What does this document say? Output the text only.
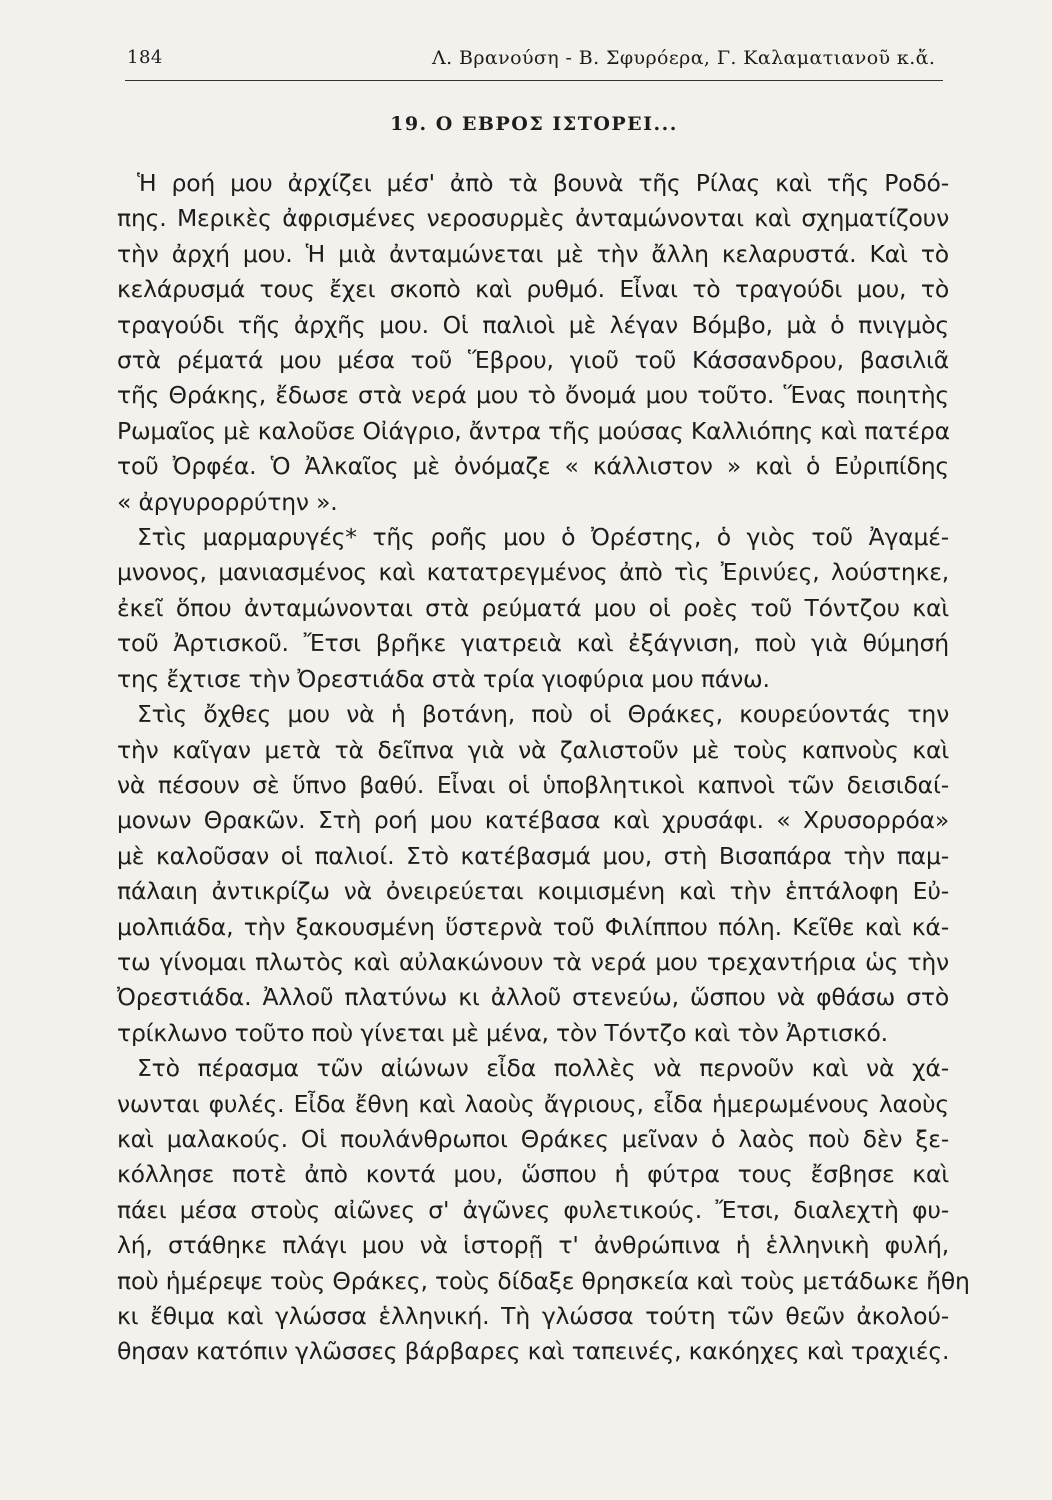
184	Λ. Βρανούση - Β. Σφυρόερα, Γ. Καλαματιανοῦ κ.ἄ.
19. Ο ΕΒΡΟΣ ΙΣΤΟΡΕΙ...
Ἡ ροή μου ἀρχίζει μέσ' ἀπὸ τὰ βουνὰ τῆς Ρίλας καὶ τῆς Ροδό-
πης. Μερικὲς ἀφρισμένες νεροσυρμὲς ἀνταμώνονται καὶ σχηματίζουν
τὴν ἀρχή μου. Ἡ μιὰ ἀνταμώνεται μὲ τὴν ἄλλη κελαρυστά. Καὶ τὸ
κελάρυσμά τους ἔχει σκοπὸ καὶ ρυθμό. Εἶναι τὸ τραγούδι μου, τὸ
τραγούδι τῆς ἀρχῆς μου. Οἱ παλιοὶ μὲ λέγαν Βόμβο, μὰ ὁ πνιγμὸς
στὰ ρέματά μου μέσα τοῦ Ἕβρου, γιοῦ τοῦ Κάσσανδρου, βασιλιᾶ
τῆς Θράκης, ἔδωσε στὰ νερά μου τὸ ὄνομά μου τοῦτο. Ἕνας ποιητὴς
Ρωμαῖος μὲ καλοῦσε Οἰάγριο, ἄντρα τῆς μούσας Καλλιόπης καὶ πατέρα
τοῦ Ὀρφέα. Ὁ Ἀλκαῖος μὲ ὀνόμαζε « κάλλιστον » καὶ ὁ Εὐριπίδης
« ἀργυρορρύτην ».
Στὶς μαρμαρυγές* τῆς ροῆς μου ὁ Ὀρέστης, ὁ γιὸς τοῦ Ἀγαμέ-
μνονος, μανιασμένος καὶ κατατρεγμένος ἀπὸ τὶς Ἐρινύες, λούστηκε,
ἐκεῖ ὅπου ἀνταμώνονται στὰ ρεύματά μου οἱ ροὲς τοῦ Τόντζου καὶ
τοῦ Ἀρτισκοῦ. Ἔτσι βρῆκε γιατρειὰ καὶ ἐξάγνιση, ποὺ γιὰ θύμησή
της ἔχτισε τὴν Ὀρεστιάδα στὰ τρία γιοφύρια μου πάνω.
Στὶς ὄχθες μου νὰ ἡ βοτάνη, ποὺ οἱ Θράκες, κουρεύοντάς την
τὴν καῖγαν μετὰ τὰ δεῖπνα γιὰ νὰ ζαλιστοῦν μὲ τοὺς καπνοὺς καὶ
νὰ πέσουν σὲ ὕπνο βαθύ. Εἶναι οἱ ὑποβλητικοὶ καπνοὶ τῶν δεισιδαί-
μονων Θρακῶν. Στὴ ροή μου κατέβασα καὶ χρυσάφι. « Χρυσορρόα»
μὲ καλοῦσαν οἱ παλιοί. Στὸ κατέβασμά μου, στὴ Βισαπάρα τὴν παμ-
πάλαιη ἀντικρίζω νὰ ὀνειρεύεται κοιμισμένη καὶ τὴν ἑπτάλοφη Εὐ-
μολπιάδα, τὴν ξακουσμένη ὕστερνὰ τοῦ Φιλίππου πόλη. Κεῖθε καὶ κά-
τω γίνομαι πλωτὸς καὶ αὐλακώνουν τὰ νερά μου τρεχαντήρια ὡς τὴν
Ὀρεστιάδα. Ἀλλοῦ πλατύνω κι ἀλλοῦ στενεύω, ὥσπου νὰ φθάσω στὸ
τρίκλωνο τοῦτο ποὺ γίνεται μὲ μένα, τὸν Τόντζο καὶ τὸν Ἀρτισκό.
Στὸ πέρασμα τῶν αἰώνων εἶδα πολλὲς νὰ περνοῦν καὶ νὰ χά-
νωνται φυλές. Εἶδα ἔθνη καὶ λαοὺς ἄγριους, εἶδα ἡμερωμένους λαοὺς
καὶ μαλακούς. Οἱ πουλάνθρωποι Θράκες μεῖναν ὁ λαὸς ποὺ δὲν ξε-
κόλλησε ποτὲ ἀπὸ κοντά μου, ὥσπου ἡ φύτρα τους ἔσβησε καὶ
πάει μέσα στοὺς αἰῶνες σ' ἀγῶνες φυλετικούς. Ἔτσι, διαλεχτὴ φυ-
λή, στάθηκε πλάγι μου νὰ ἱστορῇ τ' ἀνθρώπινα ἡ ἑλληνικὴ φυλή,
ποὺ ἡμέρεψε τοὺς Θράκες, τοὺς δίδαξε θρησκεία καὶ τοὺς μετάδωκε ἤθη
κι ἔθιμα καὶ γλώσσα ἑλληνική. Τὴ γλώσσα τούτη τῶν θεῶν ἀκολού-
θησαν κατόπιν γλῶσσες βάρβαρες καὶ ταπεινές, κακόηχες καὶ τραχιές.
